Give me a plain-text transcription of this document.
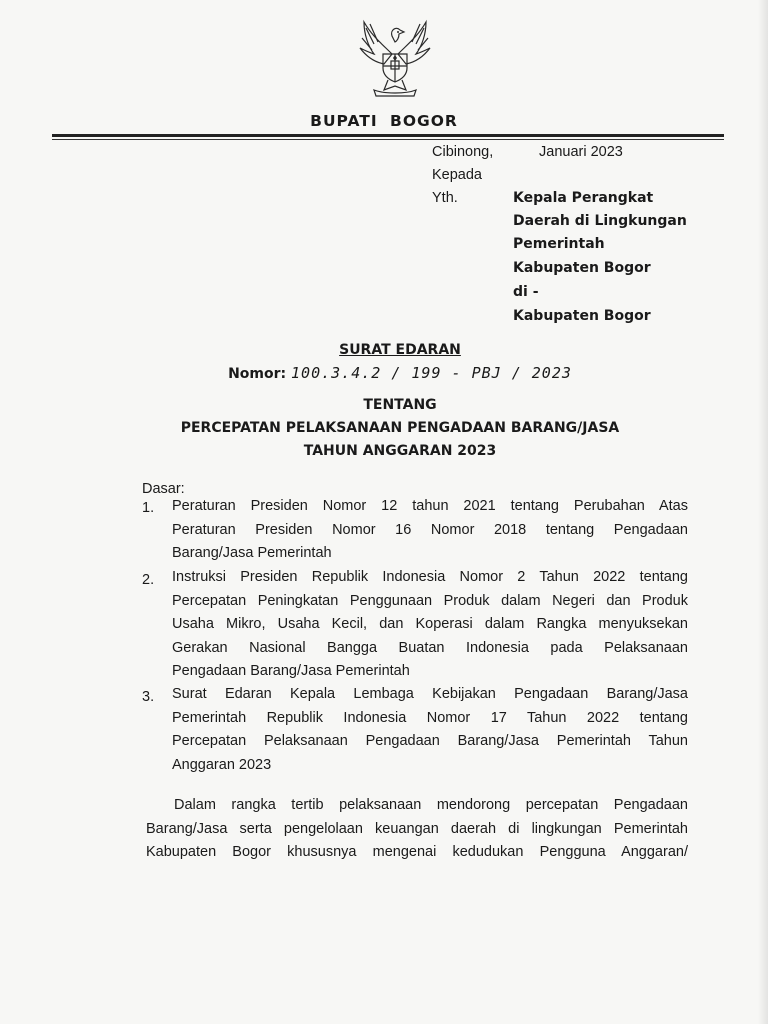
BUPATI BOGOR
Cibinong,	Januari 2023
Kepada
Yth.	Kepala Perangkat
Daerah di Lingkungan
Pemerintah
Kabupaten Bogor
di -
Kabupaten Bogor
SURAT EDARAN
Nomor: 100.3.4.2 / 199 - PBJ / 2023
TENTANG
PERCEPATAN PELAKSANAAN PENGADAAN BARANG/JASA
TAHUN ANGGARAN 2023
Dasar:
1. Peraturan Presiden Nomor 12 tahun 2021 tentang Perubahan Atas
Peraturan Presiden Nomor 16 Nomor 2018 tentang Pengadaan
Barang/Jasa Pemerintah
2. Instruksi Presiden Republik Indonesia Nomor 2 Tahun 2022 tentang
Percepatan Peningkatan Penggunaan Produk dalam Negeri dan Produk
Usaha Mikro, Usaha Kecil, dan Koperasi dalam Rangka menyuksekan
Gerakan Nasional Bangga Buatan Indonesia pada Pelaksanaan
Pengadaan Barang/Jasa Pemerintah
3. Surat Edaran Kepala Lembaga Kebijakan Pengadaan Barang/Jasa
Pemerintah Republik Indonesia Nomor 17 Tahun 2022 tentang
Percepatan Pelaksanaan Pengadaan Barang/Jasa Pemerintah Tahun
Anggaran 2023
Dalam rangka tertib pelaksanaan mendorong percepatan Pengadaan
Barang/Jasa serta pengelolaan keuangan daerah di lingkungan Pemerintah
Kabupaten Bogor khususnya mengenai kedudukan Pengguna Anggaran/
